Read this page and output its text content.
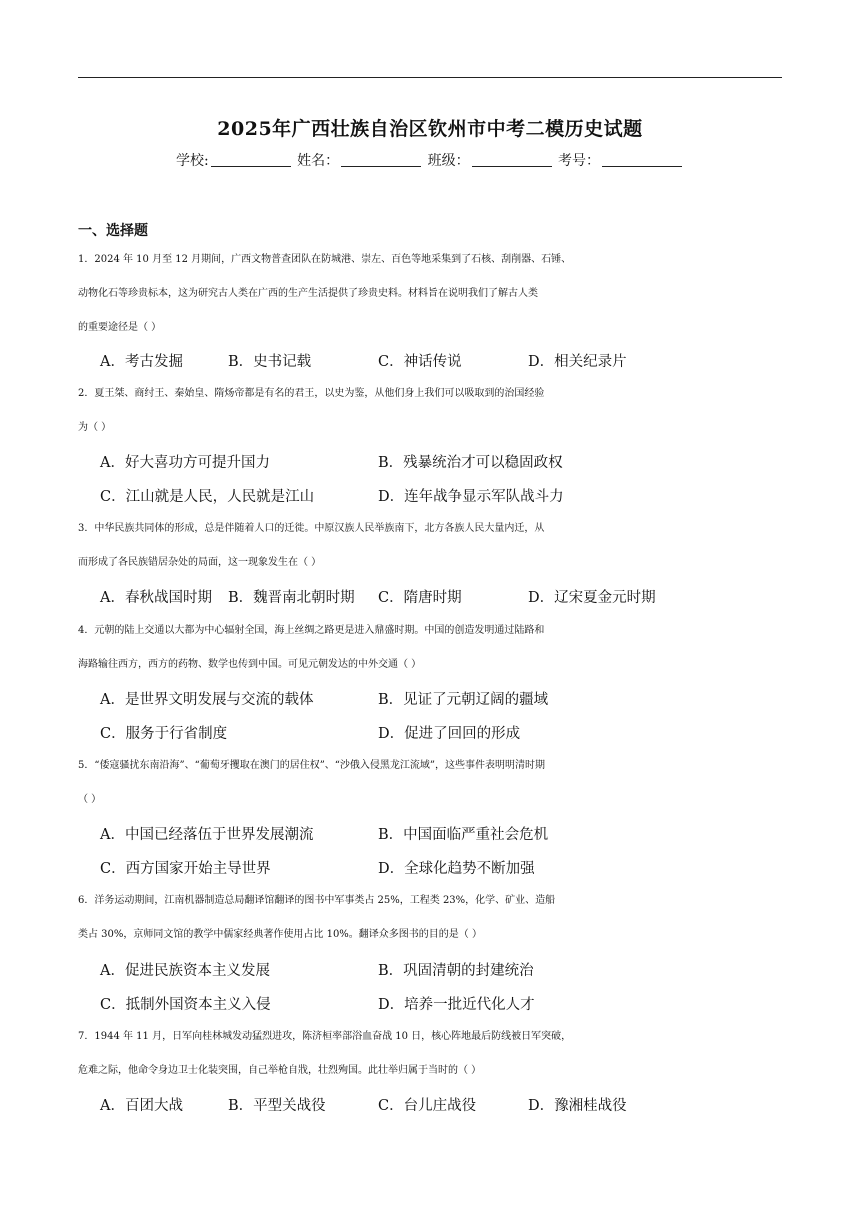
2025年广西壮族自治区钦州市中考二模历史试题
学校:	姓名：	班级：	考号：
一、选择题
1．2024 年 10 月至 12 月期间，广西文物普查团队在防城港、崇左、百色等地采集到了石核、刮削器、石锤、
动物化石等珍贵标本，这为研究古人类在广西的生产生活提供了珍贵史料。材料旨在说明我们了解古人类
的重要途径是（ ）
A．考古发掘	B．史书记载	C．神话传说	D．相关纪录片
2．夏王桀、商纣王、秦始皇、隋炀帝都是有名的君王，以史为鉴，从他们身上我们可以吸取到的治国经验
为（ ）
A．好大喜功方可提升国力	B．残暴统治才可以稳固政权
C．江山就是人民，人民就是江山	D．连年战争显示军队战斗力
3．中华民族共同体的形成，总是伴随着人口的迁徙。中原汉族人民举族南下，北方各族人民大量内迁，从
而形成了各民族错居杂处的局面，这一现象发生在（ ）
A．春秋战国时期 B．魏晋南北朝时期 C．隋唐时期	D．辽宋夏金元时期
4．元朝的陆上交通以大都为中心辐射全国，海上丝绸之路更是进入鼎盛时期。中国的创造发明通过陆路和
海路输往西方，西方的药物、数学也传到中国。可见元朝发达的中外交通（ ）
A．是世界文明发展与交流的载体	B．见证了元朝辽阔的疆域
C．服务于行省制度	D．促进了回回的形成
5．“倭寇骚扰东南沿海”、“葡萄牙攫取在澳门的居住权”、“沙俄入侵黑龙江流域”，这些事件表明明清时期
（ ）
A．中国已经落伍于世界发展潮流	B．中国面临严重社会危机
C．西方国家开始主导世界	D．全球化趋势不断加强
6．洋务运动期间，江南机器制造总局翻译馆翻译的图书中军事类占 25%，工程类 23%，化学、矿业、造船
类占 30%，京师同文馆的教学中儒家经典著作使用占比 10%。翻译众多图书的目的是（ ）
A．促进民族资本主义发展	B．巩固清朝的封建统治
C．抵制外国资本主义入侵	D．培养一批近代化人才
7．1944 年 11 月，日军向桂林城发动猛烈进攻，陈济桓率部浴血奋战 10 日，核心阵地最后防线被日军突破，
危难之际，他命令身边卫士化装突围，自己举枪自戕，壮烈殉国。此壮举归属于当时的（ ）
A．百团大战	B．平型关战役	C．台儿庄战役	D．豫湘桂战役
